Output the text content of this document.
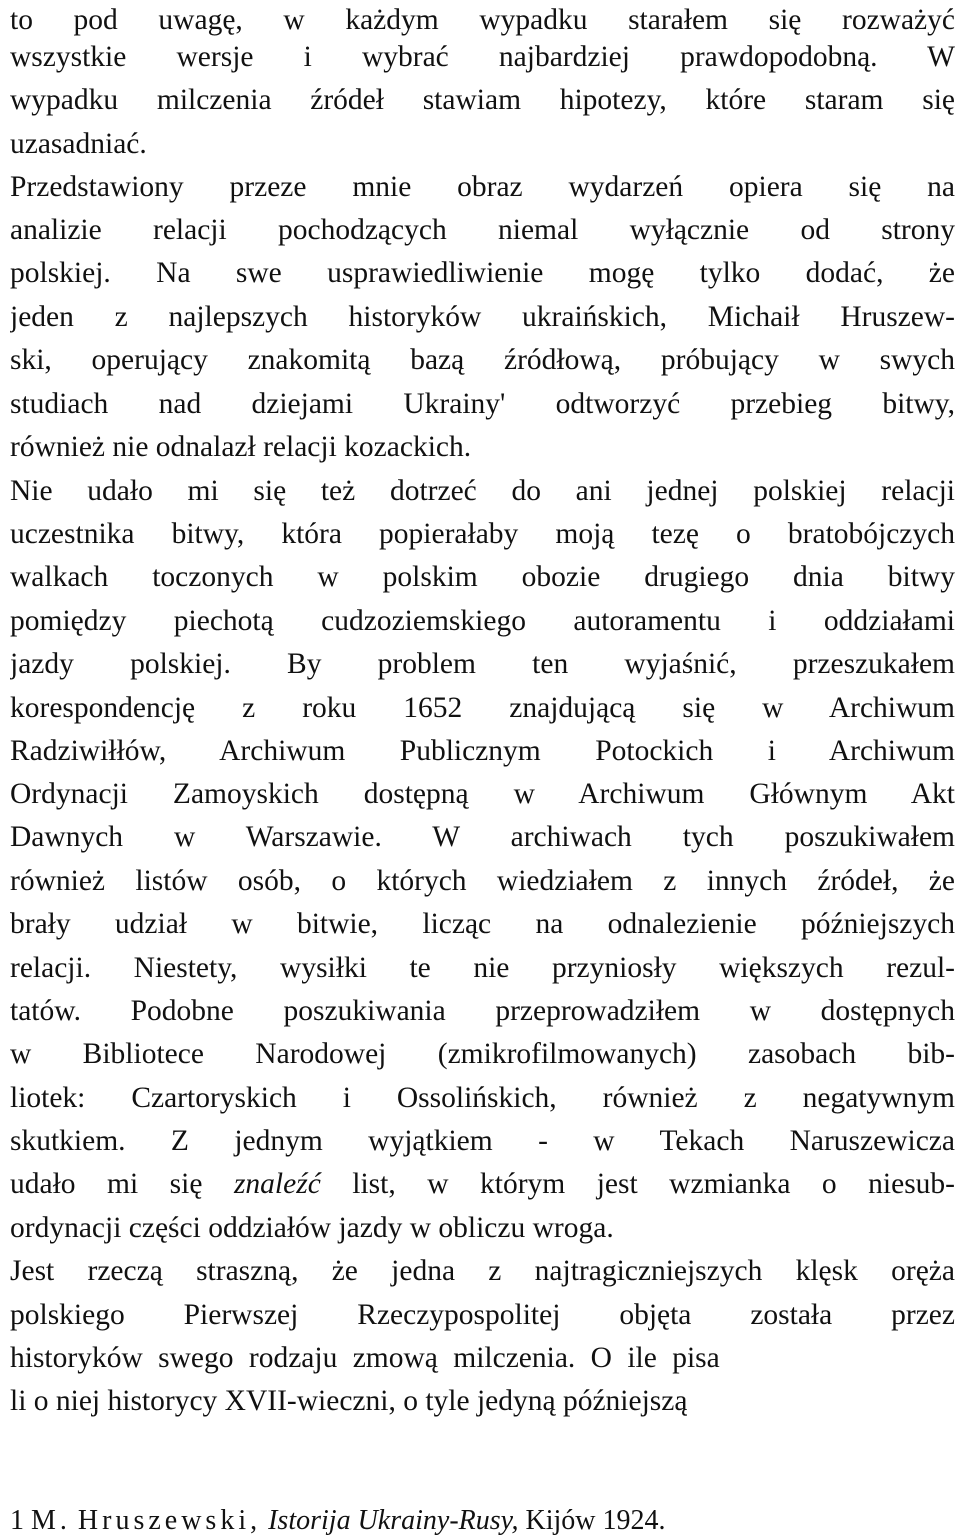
to pod uwagę, w każdym wypadku starałem się rozważyć
wszystkie wersje i wybrać najbardziej prawdopodobną. W
wypadku milczenia źródeł stawiam hipotezy, które staram się
uzasadniać.
Przedstawiony przeze mnie obraz wydarzeń opiera się na
analizie relacji pochodzących niemal wyłącznie od strony
polskiej. Na swe usprawiedliwienie mogę tylko dodać, że
jeden z najlepszych historyków ukraińskich, Michaił Hruszew-
ski, operujący znakomitą bazą źródłową, próbujący w swych
studiach nad dziejami Ukrainy' odtworzyć przebieg bitwy,
również nie odnalazł relacji kozackich.
Nie udało mi się też dotrzeć do ani jednej polskiej relacji
uczestnika bitwy, która popierałaby moją tezę o bratobójczych
walkach toczonych w polskim obozie drugiego dnia bitwy
pomiędzy piechotą cudzoziemskiego autoramentu i oddziałami
jazdy polskiej. By problem ten wyjaśnić, przeszukałem
korespondencję z roku 1652 znajdującą się w Archiwum
Radziwiłłów, Archiwum Publicznym Potockich i Archiwum
Ordynacji Zamoyskich dostępną w Archiwum Głównym Akt
Dawnych w Warszawie. W archiwach tych poszukiwałem
również listów osób, o których wiedziałem z innych źródeł, że
brały udział w bitwie, licząc na odnalezienie późniejszych
relacji. Niestety, wysiłki te nie przyniosły większych rezul-
tatów. Podobne poszukiwania przeprowadziłem w dostępnych
w Bibliotece Narodowej (zmikrofilmowanych) zasobach bib-
liotek: Czartoryskich i Ossolińskich, również z negatywnym
skutkiem. Z jednym wyjątkiem - w Tekach Naruszewicza
udało mi się znaleźć list, w którym jest wzmianka o niesub-
ordynacji części oddziałów jazdy w obliczu wroga.
Jest rzeczą straszną, że jedna z najtragiczniejszych klęsk oręża
polskiego Pierwszej Rzeczypospolitej objęta została przez
historyków swego rodzaju zmową milczenia. O ile pisa
li o niej historycy XVII-wieczni, o tyle jedyną późniejszą
1 M. Hruszewski, Istorija Ukrainy-Rusy, Kijów 1924.
